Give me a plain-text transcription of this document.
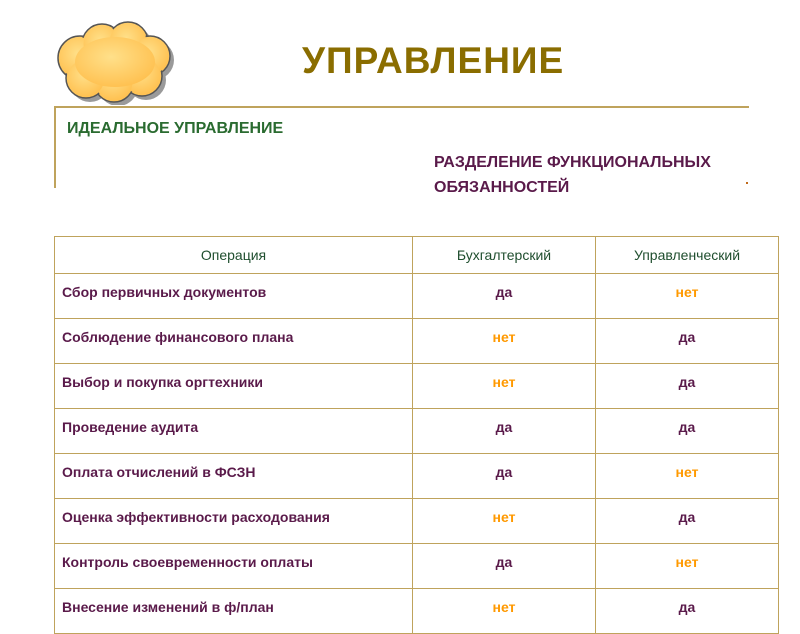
УПРАВЛЕНИЕ
ИДЕАЛЬНОЕ УПРАВЛЕНИЕ
РАЗДЕЛЕНИЕ ФУНКЦИОНАЛЬНЫХ
ОБЯЗАННОСТЕЙ
Операция	Бухгалтерский	Управленческий
Сбор первичных документов	да	нет
Соблюдение финансового плана	нет	да
Выбор и покупка оргтехники	нет	да
Проведение аудита	да	да
Оплата отчислений в ФСЗН	да	нет
Оценка эффективности расходования	нет	да
Контроль своевременности оплаты	да	нет
Внесение изменений в ф/план	нет	да
